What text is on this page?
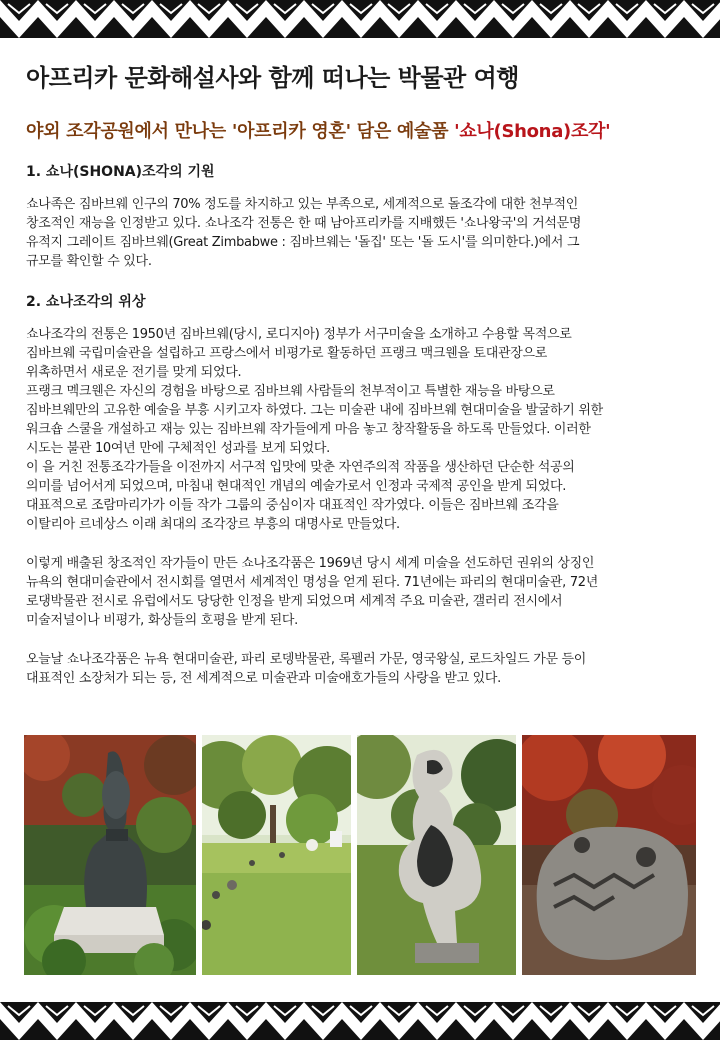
아프리카 문화해설사와 함께 떠나는 박물관 여행
야외 조각공원에서 만나는 '아프리카 영혼' 담은 예술품 '쇼나(Shona)조각'
1. 쇼나(SHONA)조각의 기원

쇼나족은 짐바브웨 인구의 70% 정도를 차지하고 있는 부족으로, 세계적으로 돌조각에 대한 천부적인
창조적인 재능을 인정받고 있다. 쇼나조각 전통은 한 때 남아프리카를 지배했든 '쇼나왕국'의 거석문명
유적지 그레이트 짐바브웨(Great Zimbabwe : 짐바브웨는 '돌집' 또는 '돌 도시'를 의미한다.)에서 그
규모를 확인할 수 있다.

2. 쇼나조각의 위상

쇼나조각의 전통은 1950년 짐바브웨(당시, 로디지아) 정부가 서구미술을 소개하고 수용할 목적으로
짐바브웨 국립미술관을 설립하고 프랑스에서 비평가로 활동하던 프랭크 맥크웬을 토대관장으로
위촉하면서 새로운 전기를 맞게 되었다.
프랭크 멕크웬은 자신의 경험을 바탕으로 짐바브웨 사람들의 천부적이고 특별한 재능을 바탕으로
짐바브웨만의 고유한 예술을 부흥 시키고자 하였다. 그는 미술관 내에 짐바브웨 현대미술을 발굴하기 위한
워크숍 스쿨을 개설하고 재능 있는 짐바브웨 작가들에게 마음 놓고 창작활동을 하도록 만들었다. 이러한
시도는 불관 10여년 만에 구체적인 성과를 보게 되었다.
이 을 거친 전통조각가들을 이전까지 서구적 입맛에 맞춘 자연주의적 작품을 생산하던 단순한 석공의
의미를 넘어서게 되었으며, 마침내 현대적인 개념의 예술가로서 인정과 국제적 공인을 받게 되었다.
대표적으로 조람마리가가 이들 작가 그룹의 중심이자 대표적인 작가였다. 이들은 짐바브웨 조각을
이탈리아 르네상스 이래 최대의 조각장르 부흥의 대명사로 만들었다.

이렇게 배출된 창조적인 작가들이 만든 쇼나조각품은 1969년 당시 세계 미술을 선도하던 권위의 상징인
뉴욕의 현대미술관에서 전시회를 열면서 세계적인 명성을 얻게 된다. 71년에는 파리의 현대미술관, 72년
로댕박물관 전시로 유럽에서도 당당한 인정을 받게 되었으며 세계적 주요 미술관, 갤러리 전시에서
미술저널이나 비평가, 화상들의 호평을 받게 된다.

오늘날 쇼나조각품은 뉴욕 현대미술관, 파리 로뎅박물관, 록펠러 가문, 영국왕실, 로드차일드 가문 등이
대표적인 소장처가 되는 등, 전 세계적으로 미술관과 미술애호가들의 사랑을 받고 있다.
